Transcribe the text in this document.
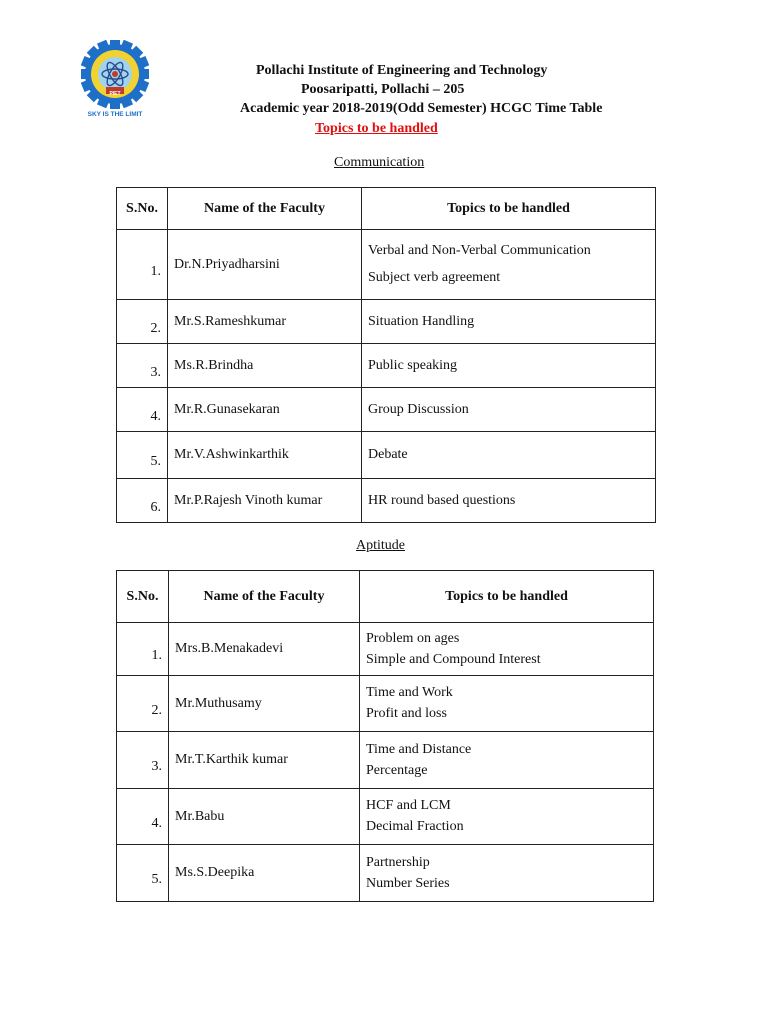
SKY IS THE LIMIT
PIET
Pollachi Institute of Engineering and Technology
Poosaripatti, Pollachi – 205
Academic year 2018-2019(Odd Semester) HCGC Time Table
Topics to be handled
Communication
S.No.	Name of the Faculty	Topics to be handled
1.	Dr.N.Priyadharsini	Verbal and Non-Verbal Communication
Subject verb agreement

2.	Mr.S.Rameshkumar	Situation Handling

3.	Ms.R.Brindha	Public speaking

4.	Mr.R.Gunasekaran	Group Discussion

5.	Mr.V.Ashwinkarthik	Debate

6.	Mr.P.Rajesh Vinoth kumar	HR round based questions
Aptitude
S.No.	Name of the Faculty	Topics to be handled
1.	Mrs.B.Menakadevi	Problem on ages
Simple and Compound Interest

2.	Mr.Muthusamy	Time and Work
Profit and loss

3.	Mr.T.Karthik kumar	Time and Distance
Percentage

4.	Mr.Babu	HCF and LCM
Decimal Fraction

5.	Ms.S.Deepika	Partnership
Number Series
